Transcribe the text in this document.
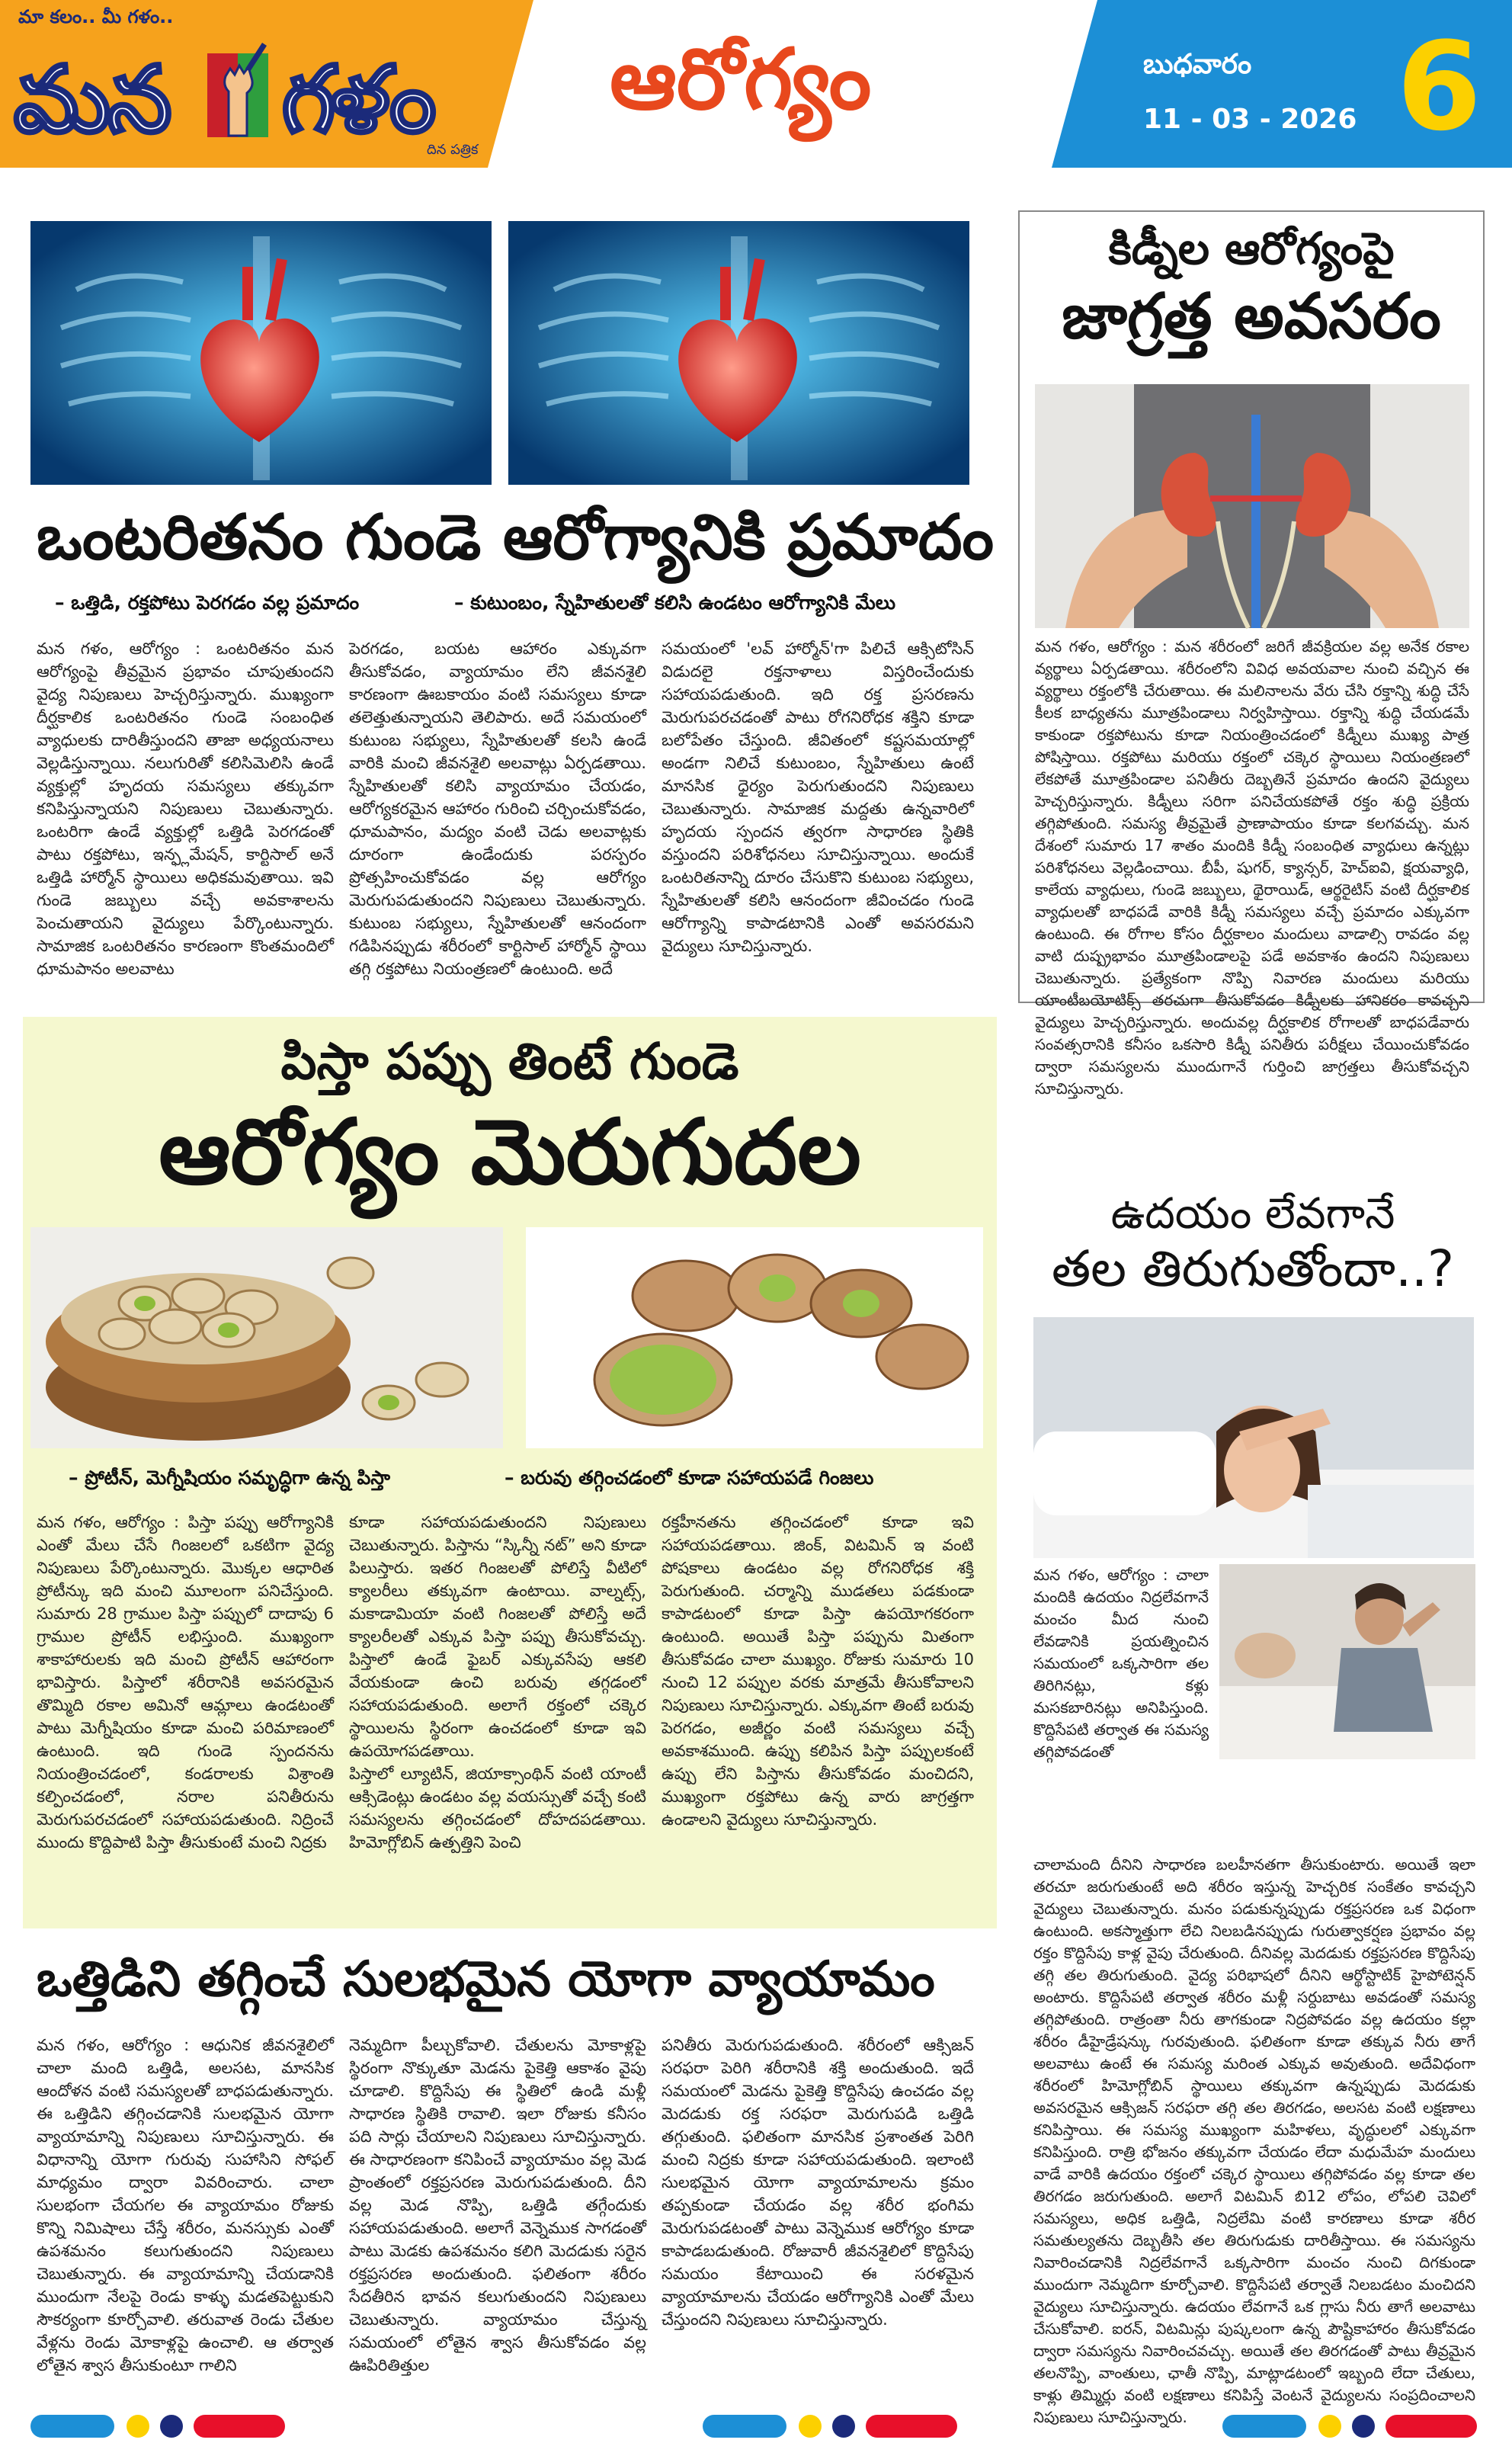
మా కలం.. మీ గళం..
మన గళం
దిన పత్రిక
ఆరోగ్యం	బుధవారం
11 - 03 - 2026 6
ఒంటరితనం గుండె ఆరోగ్యానికి ప్రమాదం
– ఒత్తిడి, రక్తపోటు పెరగడం వల్ల ప్రమాదం	– కుటుంబం, స్నేహితులతో కలిసి ఉండటం ఆరోగ్యానికి మేలు
మన గళం, ఆరోగ్యం : ఒంటరితనం మన ఆరోగ్యంపై తీవ్రమైన ప్రభావం చూపుతుందని వైద్య నిపుణులు హెచ్చరిస్తున్నారు. ముఖ్యంగా దీర్ఘకాలిక ఒంటరితనం గుండె సంబంధిత వ్యాధులకు దారితీస్తుందని తాజా అధ్యయనాలు వెల్లడిస్తున్నాయి. నలుగురితో కలిసిమెలిసి ఉండే వ్యక్తుల్లో హృదయ సమస్యలు తక్కువగా కనిపిస్తున్నాయని నిపుణులు చెబుతున్నారు. ఒంటరిగా ఉండే వ్యక్తుల్లో ఒత్తిడి పెరగడంతో పాటు రక్తపోటు, ఇన్ఫ్లమేషన్, కార్టిసాల్ అనే ఒత్తిడి హార్మోన్ స్థాయిలు అధికమవుతాయి. ఇవి గుండె జబ్బులు వచ్చే అవకాశాలను పెంచుతాయని వైద్యులు పేర్కొంటున్నారు. సామాజిక ఒంటరితనం కారణంగా కొంతమందిలో ధూమపానం అలవాటు
పెరగడం, బయట ఆహారం ఎక్కువగా తీసుకోవడం, వ్యాయామం లేని జీవనశైలి కారణంగా ఊబకాయం వంటి సమస్యలు కూడా తలెత్తుతున్నాయని తెలిపారు. అదే సమయంలో కుటుంబ సభ్యులు, స్నేహితులతో కలసి ఉండే వారికి మంచి జీవనశైలి అలవాట్లు ఏర్పడతాయి. స్నేహితులతో కలిసి వ్యాయామం చేయడం, ఆరోగ్యకరమైన ఆహారం గురించి చర్చించుకోవడం, ధూమపానం, మద్యం వంటి చెడు అలవాట్లకు దూరంగా ఉండేందుకు పరస్పరం ప్రోత్సహించుకోవడం వల్ల ఆరోగ్యం మెరుగుపడుతుందని నిపుణులు చెబుతున్నారు. కుటుంబ సభ్యులు, స్నేహితులతో ఆనందంగా గడిపినప్పుడు శరీరంలో కార్టిసాల్ హార్మోన్ స్థాయి తగ్గి రక్తపోటు నియంత్రణలో ఉంటుంది. అదే
సమయంలో 'లవ్ హార్మోన్'గా పిలిచే ఆక్సిటోసిన్ విడుదలై రక్తనాళాలు విస్తరించేందుకు సహాయపడుతుంది. ఇది రక్త ప్రసరణను మెరుగుపరచడంతో పాటు రోగనిరోధక శక్తిని కూడా బలోపేతం చేస్తుంది. జీవితంలో కష్టసమయాల్లో అండగా నిలిచే కుటుంబం, స్నేహితులు ఉంటే మానసిక ధైర్యం పెరుగుతుందని నిపుణులు చెబుతున్నారు. సామాజిక మద్దతు ఉన్నవారిలో హృదయ స్పందన త్వరగా సాధారణ స్థితికి వస్తుందని పరిశోధనలు సూచిస్తున్నాయి. అందుకే ఒంటరితనాన్ని దూరం చేసుకొని కుటుంబ సభ్యులు, స్నేహితులతో కలిసి ఆనందంగా జీవించడం గుండె ఆరోగ్యాన్ని కాపాడటానికి ఎంతో అవసరమని వైద్యులు సూచిస్తున్నారు.
పిస్తా పప్పు తింటే గుండె
ఆరోగ్యం మెరుగుదల
– ప్రోటీన్, మెగ్నీషియం సమృద్ధిగా ఉన్న పిస్తా	– బరువు తగ్గించడంలో కూడా సహాయపడే గింజలు
మన గళం, ఆరోగ్యం : పిస్తా పప్పు ఆరోగ్యానికి ఎంతో మేలు చేసే గింజలలో ఒకటిగా వైద్య నిపుణులు పేర్కొంటున్నారు. మొక్కల ఆధారిత ప్రోటీన్కు ఇది మంచి మూలంగా పనిచేస్తుంది. సుమారు 28 గ్రాముల పిస్తా పప్పులో దాదాపు 6 గ్రాముల ప్రోటీన్ లభిస్తుంది. ముఖ్యంగా శాకాహారులకు ఇది మంచి ప్రోటీన్ ఆహారంగా భావిస్తారు. పిస్తాలో శరీరానికి అవసరమైన తొమ్మిది రకాల అమినో ఆమ్లాలు ఉండటంతో పాటు మెగ్నీషియం కూడా మంచి పరిమాణంలో ఉంటుంది. ఇది గుండె స్పందనను నియంత్రించడంలో, కండరాలకు విశ్రాంతి కల్పించడంలో, నరాల పనితీరును మెరుగుపరచడంలో సహాయపడుతుంది. నిద్రించే ముందు కొద్దిపాటి పిస్తా తీసుకుంటే మంచి నిద్రకు
కూడా సహాయపడుతుందని నిపుణులు చెబుతున్నారు. పిస్తాను “స్కిన్నీ నట్” అని కూడా పిలుస్తారు. ఇతర గింజలతో పోలిస్తే వీటిలో క్యాలరీలు తక్కువగా ఉంటాయి. వాల్నట్స్, మకాడామియా వంటి గింజలతో పోలిస్తే అదే క్యాలరీలతో ఎక్కువ పిస్తా పప్పు తీసుకోవచ్చు. పిస్తాలో ఉండే ఫైబర్ ఎక్కువసేపు ఆకలి వేయకుండా ఉంచి బరువు తగ్గడంలో సహాయపడుతుంది. అలాగే రక్తంలో చక్కెర స్థాయిలను స్థిరంగా ఉంచడంలో కూడా ఇవి ఉపయోగపడతాయి.
పిస్తాలో ల్యూటిన్, జియాక్సాంథిన్ వంటి యాంటీ ఆక్సిడెంట్లు ఉండటం వల్ల వయస్సుతో వచ్చే కంటి సమస్యలను తగ్గించడంలో దోహదపడతాయి. హిమోగ్లోబిన్ ఉత్పత్తిని పెంచి
రక్తహీనతను తగ్గించడంలో కూడా ఇవి సహాయపడతాయి. జింక్, విటమిన్ ఇ వంటి పోషకాలు ఉండటం వల్ల రోగనిరోధక శక్తి పెరుగుతుంది. చర్మాన్ని ముడతలు పడకుండా కాపాడటంలో కూడా పిస్తా ఉపయోగకరంగా ఉంటుంది. అయితే పిస్తా పప్పును మితంగా తీసుకోవడం చాలా ముఖ్యం. రోజుకు సుమారు 10 నుంచి 12 పప్పుల వరకు మాత్రమే తీసుకోవాలని నిపుణులు సూచిస్తున్నారు. ఎక్కువగా తింటే బరువు పెరగడం, అజీర్ణం వంటి సమస్యలు వచ్చే అవకాశముంది. ఉప్పు కలిపిన పిస్తా పప్పులకంటే ఉప్పు లేని పిస్తాను తీసుకోవడం మంచిదని, ముఖ్యంగా రక్తపోటు ఉన్న వారు జాగ్రత్తగా ఉండాలని వైద్యులు సూచిస్తున్నారు.
ఒత్తిడిని తగ్గించే సులభమైన యోగా వ్యాయామం
మన గళం, ఆరోగ్యం : ఆధునిక జీవనశైలిలో చాలా మంది ఒత్తిడి, అలసట, మానసిక ఆందోళన వంటి సమస్యలతో బాధపడుతున్నారు. ఈ ఒత్తిడిని తగ్గించడానికి సులభమైన యోగా వ్యాయామాన్ని నిపుణులు సూచిస్తున్నారు. ఈ విధానాన్ని యోగా గురువు సుహాసిని సోఫల్ మాధ్యమం ద్వారా వివరించారు. చాలా సులభంగా చేయగల ఈ వ్యాయామం రోజుకు కొన్ని నిమిషాలు చేస్తే శరీరం, మనస్సుకు ఎంతో ఉపశమనం కలుగుతుందని నిపుణులు చెబుతున్నారు. ఈ వ్యాయామాన్ని చేయడానికి ముందుగా నేలపై రెండు కాళ్ళు మడతపెట్టుకుని సౌకర్యంగా కూర్చోవాలి. తరువాత రెండు చేతుల వేళ్లను రెండు మోకాళ్లపై ఉంచాలి. ఆ తర్వాత లోతైన శ్వాస తీసుకుంటూ గాలిని
నెమ్మదిగా పీల్చుకోవాలి. చేతులను మోకాళ్లపై స్థిరంగా నొక్కుతూ మెడను పైకెత్తి ఆకాశం వైపు చూడాలి. కొద్దిసేపు ఈ స్థితిలో ఉండి మళ్లీ సాధారణ స్థితికి రావాలి. ఇలా రోజుకు కనీసం పది సార్లు చేయాలని నిపుణులు సూచిస్తున్నారు. ఈ సాధారణంగా కనిపించే వ్యాయామం వల్ల మెడ ప్రాంతంలో రక్తప్రసరణ మెరుగుపడుతుంది. దీని వల్ల మెడ నొప్పి, ఒత్తిడి తగ్గేందుకు సహాయపడుతుంది. అలాగే వెన్నెముక సాగడంతో పాటు మెడకు ఉపశమనం కలిగి మెదడుకు సరైన రక్తప్రసరణ అందుతుంది. ఫలితంగా శరీరం సేదతీరిన భావన కలుగుతుందని నిపుణులు చెబుతున్నారు. వ్యాయామం చేస్తున్న సమయంలో లోతైన శ్వాస తీసుకోవడం వల్ల ఊపిరితిత్తుల
పనితీరు మెరుగుపడుతుంది. శరీరంలో ఆక్సిజన్ సరఫరా పెరిగి శరీరానికి శక్తి అందుతుంది. ఇదే సమయంలో మెడను పైకెత్తి కొద్దిసేపు ఉంచడం వల్ల మెదడుకు రక్త సరఫరా మెరుగుపడి ఒత్తిడి తగ్గుతుంది. ఫలితంగా మానసిక ప్రశాంతత పెరిగి మంచి నిద్రకు కూడా సహాయపడుతుంది. ఇలాంటి సులభమైన యోగా వ్యాయామాలను క్రమం తప్పకుండా చేయడం వల్ల శరీర భంగిమ మెరుగుపడటంతో పాటు వెన్నెముక ఆరోగ్యం కూడా కాపాడబడుతుంది. రోజువారీ జీవనశైలిలో కొద్దిసేపు సమయం కేటాయించి ఈ సరళమైన వ్యాయామాలను చేయడం ఆరోగ్యానికి ఎంతో మేలు చేస్తుందని నిపుణులు సూచిస్తున్నారు.
కిడ్నీల ఆరోగ్యంపై
జాగ్రత్త అవసరం
మన గళం, ఆరోగ్యం : మన శరీరంలో జరిగే జీవక్రియల వల్ల అనేక రకాల వ్యర్థాలు ఏర్పడతాయి. శరీరంలోని వివిధ అవయవాల నుంచి వచ్చిన ఈ వ్యర్థాలు రక్తంలోకి చేరుతాయి. ఈ మలినాలను వేరు చేసి రక్తాన్ని శుద్ధి చేసే కీలక బాధ్యతను మూత్రపిండాలు నిర్వహిస్తాయి. రక్తాన్ని శుద్ధి చేయడమే కాకుండా రక్తపోటును కూడా నియంత్రించడంలో కిడ్నీలు ముఖ్య పాత్ర పోషిస్తాయి. రక్తపోటు మరియు రక్తంలో చక్కెర స్థాయిలు నియంత్రణలో లేకపోతే మూత్రపిండాల పనితీరు దెబ్బతినే ప్రమాదం ఉందని వైద్యులు హెచ్చరిస్తున్నారు. కిడ్నీలు సరిగా పనిచేయకపోతే రక్తం శుద్ధి ప్రక్రియ తగ్గిపోతుంది. సమస్య తీవ్రమైతే ప్రాణాపాయం కూడా కలగవచ్చు. మన దేశంలో సుమారు 17 శాతం మందికి కిడ్నీ సంబంధిత వ్యాధులు ఉన్నట్లు పరిశోధనలు వెల్లడించాయి. బీపీ, షుగర్, క్యాన్సర్, హెచ్ఐవి, క్షయవ్యాధి, కాలేయ వ్యాధులు, గుండె జబ్బులు, థైరాయిడ్, ఆర్థరైటిస్ వంటి దీర్ఘకాలిక వ్యాధులతో బాధపడే వారికి కిడ్నీ సమస్యలు వచ్చే ప్రమాదం ఎక్కువగా ఉంటుంది. ఈ రోగాల కోసం దీర్ఘకాలం మందులు వాడాల్సి రావడం వల్ల వాటి దుష్ప్రభావం మూత్రపిండాలపై పడే అవకాశం ఉందని నిపుణులు చెబుతున్నారు. ప్రత్యేకంగా నొప్పి నివారణ మందులు మరియు యాంటీబయోటిక్స్ తరచుగా తీసుకోవడం కిడ్నీలకు హానికరం కావచ్చని వైద్యులు హెచ్చరిస్తున్నారు. అందువల్ల దీర్ఘకాలిక రోగాలతో బాధపడేవారు సంవత్సరానికి కనీసం ఒకసారి కిడ్నీ పనితీరు పరీక్షలు చేయించుకోవడం ద్వారా సమస్యలను ముందుగానే గుర్తించి జాగ్రత్తలు తీసుకోవచ్చని సూచిస్తున్నారు.
ఉదయం లేవగానే
తల తిరుగుతోందా..?
మన గళం, ఆరోగ్యం : చాలా మందికి ఉదయం నిద్రలేవగానే మంచం మీద నుంచి లేవడానికి ప్రయత్నించిన సమయంలో ఒక్కసారిగా తల తిరిగినట్లు, కళ్లు మసకబారినట్లు అనిపిస్తుంది. కొద్దిసేపటి తర్వాత ఈ సమస్య తగ్గిపోవడంతో
చాలామంది దీనిని సాధారణ బలహీనతగా తీసుకుంటారు. అయితే ఇలా తరచూ జరుగుతుంటే అది శరీరం ఇస్తున్న హెచ్చరిక సంకేతం కావచ్చని వైద్యులు చెబుతున్నారు. మనం పడుకున్నప్పుడు రక్తప్రసరణ ఒక విధంగా ఉంటుంది. అకస్మాత్తుగా లేచి నిలబడినప్పుడు గురుత్వాకర్షణ ప్రభావం వల్ల రక్తం కొద్దిసేపు కాళ్ల వైపు చేరుతుంది. దీనివల్ల మెదడుకు రక్తప్రసరణ కొద్దిసేపు తగ్గి తల తిరుగుతుంది. వైద్య పరిభాషలో దీనిని ఆర్థోస్టాటిక్ హైపోటెన్షన్ అంటారు. కొద్దిసేపటి తర్వాత శరీరం మళ్లీ సర్దుబాటు అవడంతో సమస్య తగ్గిపోతుంది. రాత్రంతా నీరు తాగకుండా నిద్రపోవడం వల్ల ఉదయం కల్లా శరీరం డీహైడ్రేషన్కు గురవుతుంది. ఫలితంగా కూడా తక్కువ నీరు తాగే అలవాటు ఉంటే ఈ సమస్య మరింత ఎక్కువ అవుతుంది. అదేవిధంగా శరీరంలో హిమోగ్లోబిన్ స్థాయిలు తక్కువగా ఉన్నప్పుడు మెదడుకు అవసరమైన ఆక్సిజన్ సరఫరా తగ్గి తల తిరగడం, అలసట వంటి లక్షణాలు కనిపిస్తాయి. ఈ సమస్య ముఖ్యంగా మహిళలు, వృద్ధులలో ఎక్కువగా కనిపిస్తుంది. రాత్రి భోజనం తక్కువగా చేయడం లేదా మధుమేహ మందులు వాడే వారికి ఉదయం రక్తంలో చక్కెర స్థాయిలు తగ్గిపోవడం వల్ల కూడా తల తిరగడం జరుగుతుంది. అలాగే విటమిన్ బి12 లోపం, లోపలి చెవిలో సమస్యలు, అధిక ఒత్తిడి, నిద్రలేమి వంటి కారణాలు కూడా శరీర సమతుల్యతను దెబ్బతీసి తల తిరుగుడుకు దారితీస్తాయి. ఈ సమస్యను నివారించడానికి నిద్రలేవగానే ఒక్కసారిగా మంచం నుంచి దిగకుండా ముందుగా నెమ్మదిగా కూర్చోవాలి. కొద్దిసేపటి తర్వాతే నిలబడటం మంచిదని వైద్యులు సూచిస్తున్నారు. ఉదయం లేవగానే ఒక గ్లాసు నీరు తాగే అలవాటు చేసుకోవాలి. ఐరన్, విటమిన్లు పుష్కలంగా ఉన్న పౌష్టికాహారం తీసుకోవడం ద్వారా సమస్యను నివారించవచ్చు. అయితే తల తిరగడంతో పాటు తీవ్రమైన తలనొప్పి, వాంతులు, ఛాతీ నొప్పి, మాట్లాడటంలో ఇబ్బంది లేదా చేతులు, కాళ్లు తిమ్మిర్లు వంటి లక్షణాలు కనిపిస్తే వెంటనే వైద్యులను సంప్రదించాలని నిపుణులు సూచిస్తున్నారు.
